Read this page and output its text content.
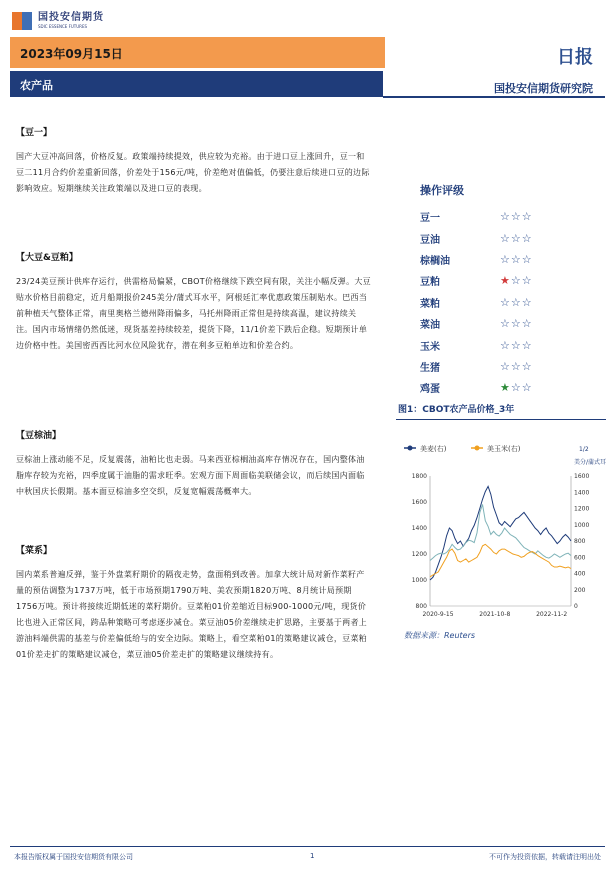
国投安信期货
SDIC ESSENCE FUTURES
2023年09月15日	日报
农产品	国投安信期货研究院
【豆一】
国产大豆冲高回落，价格反复。政策端持续提效，供应较为充裕。由于进口豆上涨回升，豆一和豆二11月合约价差重新回落，价差处于156元/吨，价差绝对值偏低，仍要注意后续进口豆的边际影响效应。短期继续关注政策端以及进口豆的表现。
【大豆&豆粕】
23/24美豆预计供库存运行，供需格局偏紧，CBOT价格继续下跌空间有限，关注小幅反弹。大豆贴水价格目前稳定，近月船期报价245美分/蒲式耳水平，阿根廷汇率优惠政策压制贴水。巴西当前种植天气整体正常，南里奥格兰德州降雨偏多，马托州降雨正常但是持续高温，建议持续关注。国内市场情绪仍然低迷，现货基差持续较差，提货下降，11/1价差下跌后企稳。短期预计单边价格中性。美国密西西比河水位风险犹存，潜在利多豆粕单边和价差合约。
【豆棕油】
豆棕油上涨动能不足，反复震荡，油粕比也走弱。马来西亚棕榈油高库存情况存在，国内整体油脂库存较为充裕，四季度属于油脂的需求旺季。宏观方面下周面临美联储会议，而后续国内面临中秋国庆长假期。基本面豆棕油多空交织，反复宽幅震荡概率大。
【菜系】
国内菜系普遍反弹，鉴于外盘菜籽期价的隔夜走势，盘面稍到改善。加拿大统计局对新作菜籽产量的预估调整为1737万吨，低于市场预期1790万吨、美农预期1820万吨、8月统计局预期1756万吨。预计将接续近期低迷的菜籽期价。豆菜粕01价差缩近目标900-1000元/吨，现货价比也进入正常区间，跨品种策略可考虑逐步减仓。菜豆油05价差继续走扩思路，主要基于两者上游油料端供需的基差与价差偏低给与的安全边际。策略上，看空菜粕01的策略建议减仓，豆菜粕01价差走扩的策略建议减仓，菜豆油05价差走扩的策略建议继续持有。
操作评级
豆一	☆☆☆
豆油	☆☆☆
棕榈油	☆☆☆
豆粕	★☆☆
菜粕	☆☆☆
菜油	☆☆☆
玉米	☆☆☆
生猪	☆☆☆
鸡蛋	★☆☆
图1：CBOT农产品价格_3年
美麦(右)	美玉米(右)	1/2
美分/蒲式耳
800
1000
1200
1400
1600
1800
0
200
400
600
800
1000
1200
1400
1600
2020-9-15	2021-10-8	2022-11-2
数据来源：Reuters
本报告版权属于国投安信期货有限公司	1	不可作为投资依据，转载请注明出处
